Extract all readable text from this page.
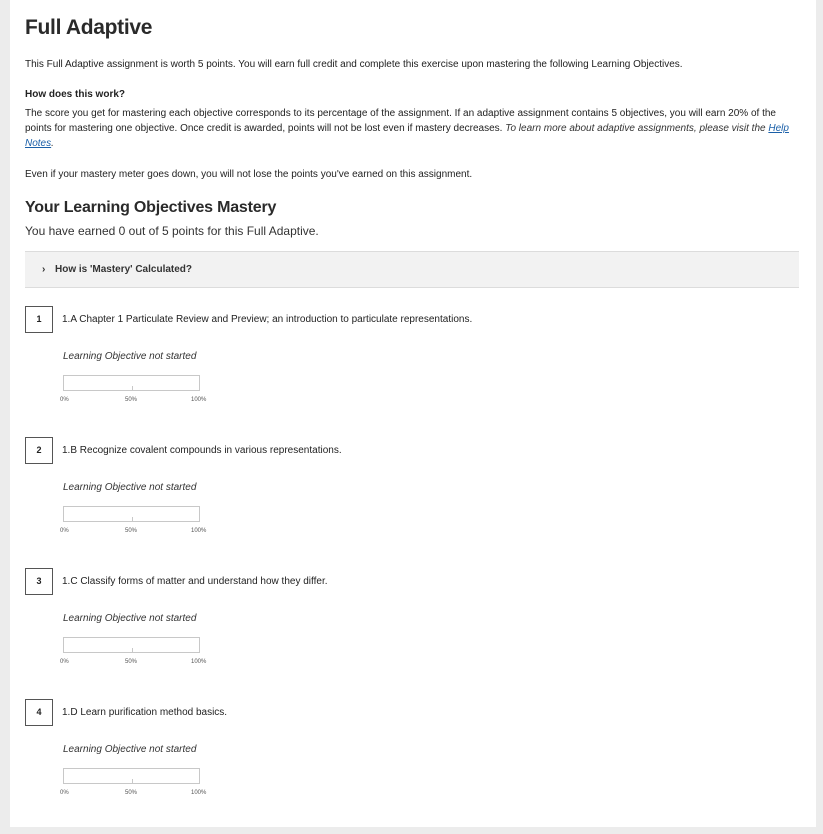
Full Adaptive
This Full Adaptive assignment is worth 5 points. You will earn full credit and complete this exercise upon mastering the following Learning Objectives.
How does this work?
The score you get for mastering each objective corresponds to its percentage of the assignment. If an adaptive assignment contains 5 objectives, you will earn 20% of the points for mastering one objective. Once credit is awarded, points will not be lost even if mastery decreases. To learn more about adaptive assignments, please visit the Help Notes.
Even if your mastery meter goes down, you will not lose the points you've earned on this assignment.
Your Learning Objectives Mastery
You have earned 0 out of 5 points for this Full Adaptive.
› How is 'Mastery' Calculated?
1	1.A Chapter 1 Particulate Review and Preview; an introduction to particulate representations.
Learning Objective not started
0%	50%	100%
2	1.B Recognize covalent compounds in various representations.
Learning Objective not started
0%	50%	100%
3	1.C Classify forms of matter and understand how they differ.
Learning Objective not started
0%	50%	100%
4	1.D Learn purification method basics.
Learning Objective not started
0%	50%	100%
